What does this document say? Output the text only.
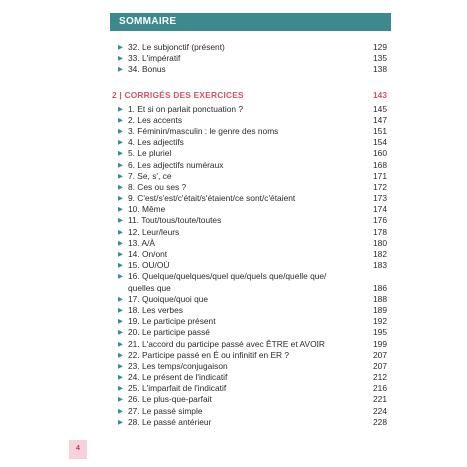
SOMMAIRE
▶ 32. Le subjonctif (présent)	129
▶ 33. L'impératif	135
▶ 34. Bonus	138
2 | CORRIGÉS DES EXERCICES	143
▶ 1. Et si on parlait ponctuation ?	145
▶ 2. Les accents	147
▶ 3. Féminin/masculin : le genre des noms	151
▶ 4. Les adjectifs	154
▶ 5. Le pluriel	160
▶ 6. Les adjectifs numéraux	168
▶ 7. Se, s', ce	171
▶ 8. Ces ou ses ?	172
▶ 9. C'est/s'est/c'était/s'étaient/ce sont/c'étaient	173
▶ 10. Même	174
▶ 11. Tout/tous/toute/toutes	176
▶ 12. Leur/leurs	178
▶ 13. A/À	180
▶ 14. On/ont	182
▶ 15. OU/OÙ	183
▶ 16. Quelque/quelques/quel que/quels que/quelle que/
quelles que	186
▶ 17. Quoique/quoi que	188
▶ 18. Les verbes	189
▶ 19. Le participe présent	192
▶ 20. Le participe passé	195
▶ 21. L'accord du participe passé avec ÊTRE et AVOIR	199
▶ 22. Participe passé en É ou infinitif en ER ?	207
▶ 23. Les temps/conjugaison	207
▶ 24. Le présent de l'indicatif	212
▶ 25. L'imparfait de l'indicatif	216
▶ 26. Le plus-que-parfait	221
▶ 27. Le passé simple	224
▶ 28. Le passé antérieur	228
4
